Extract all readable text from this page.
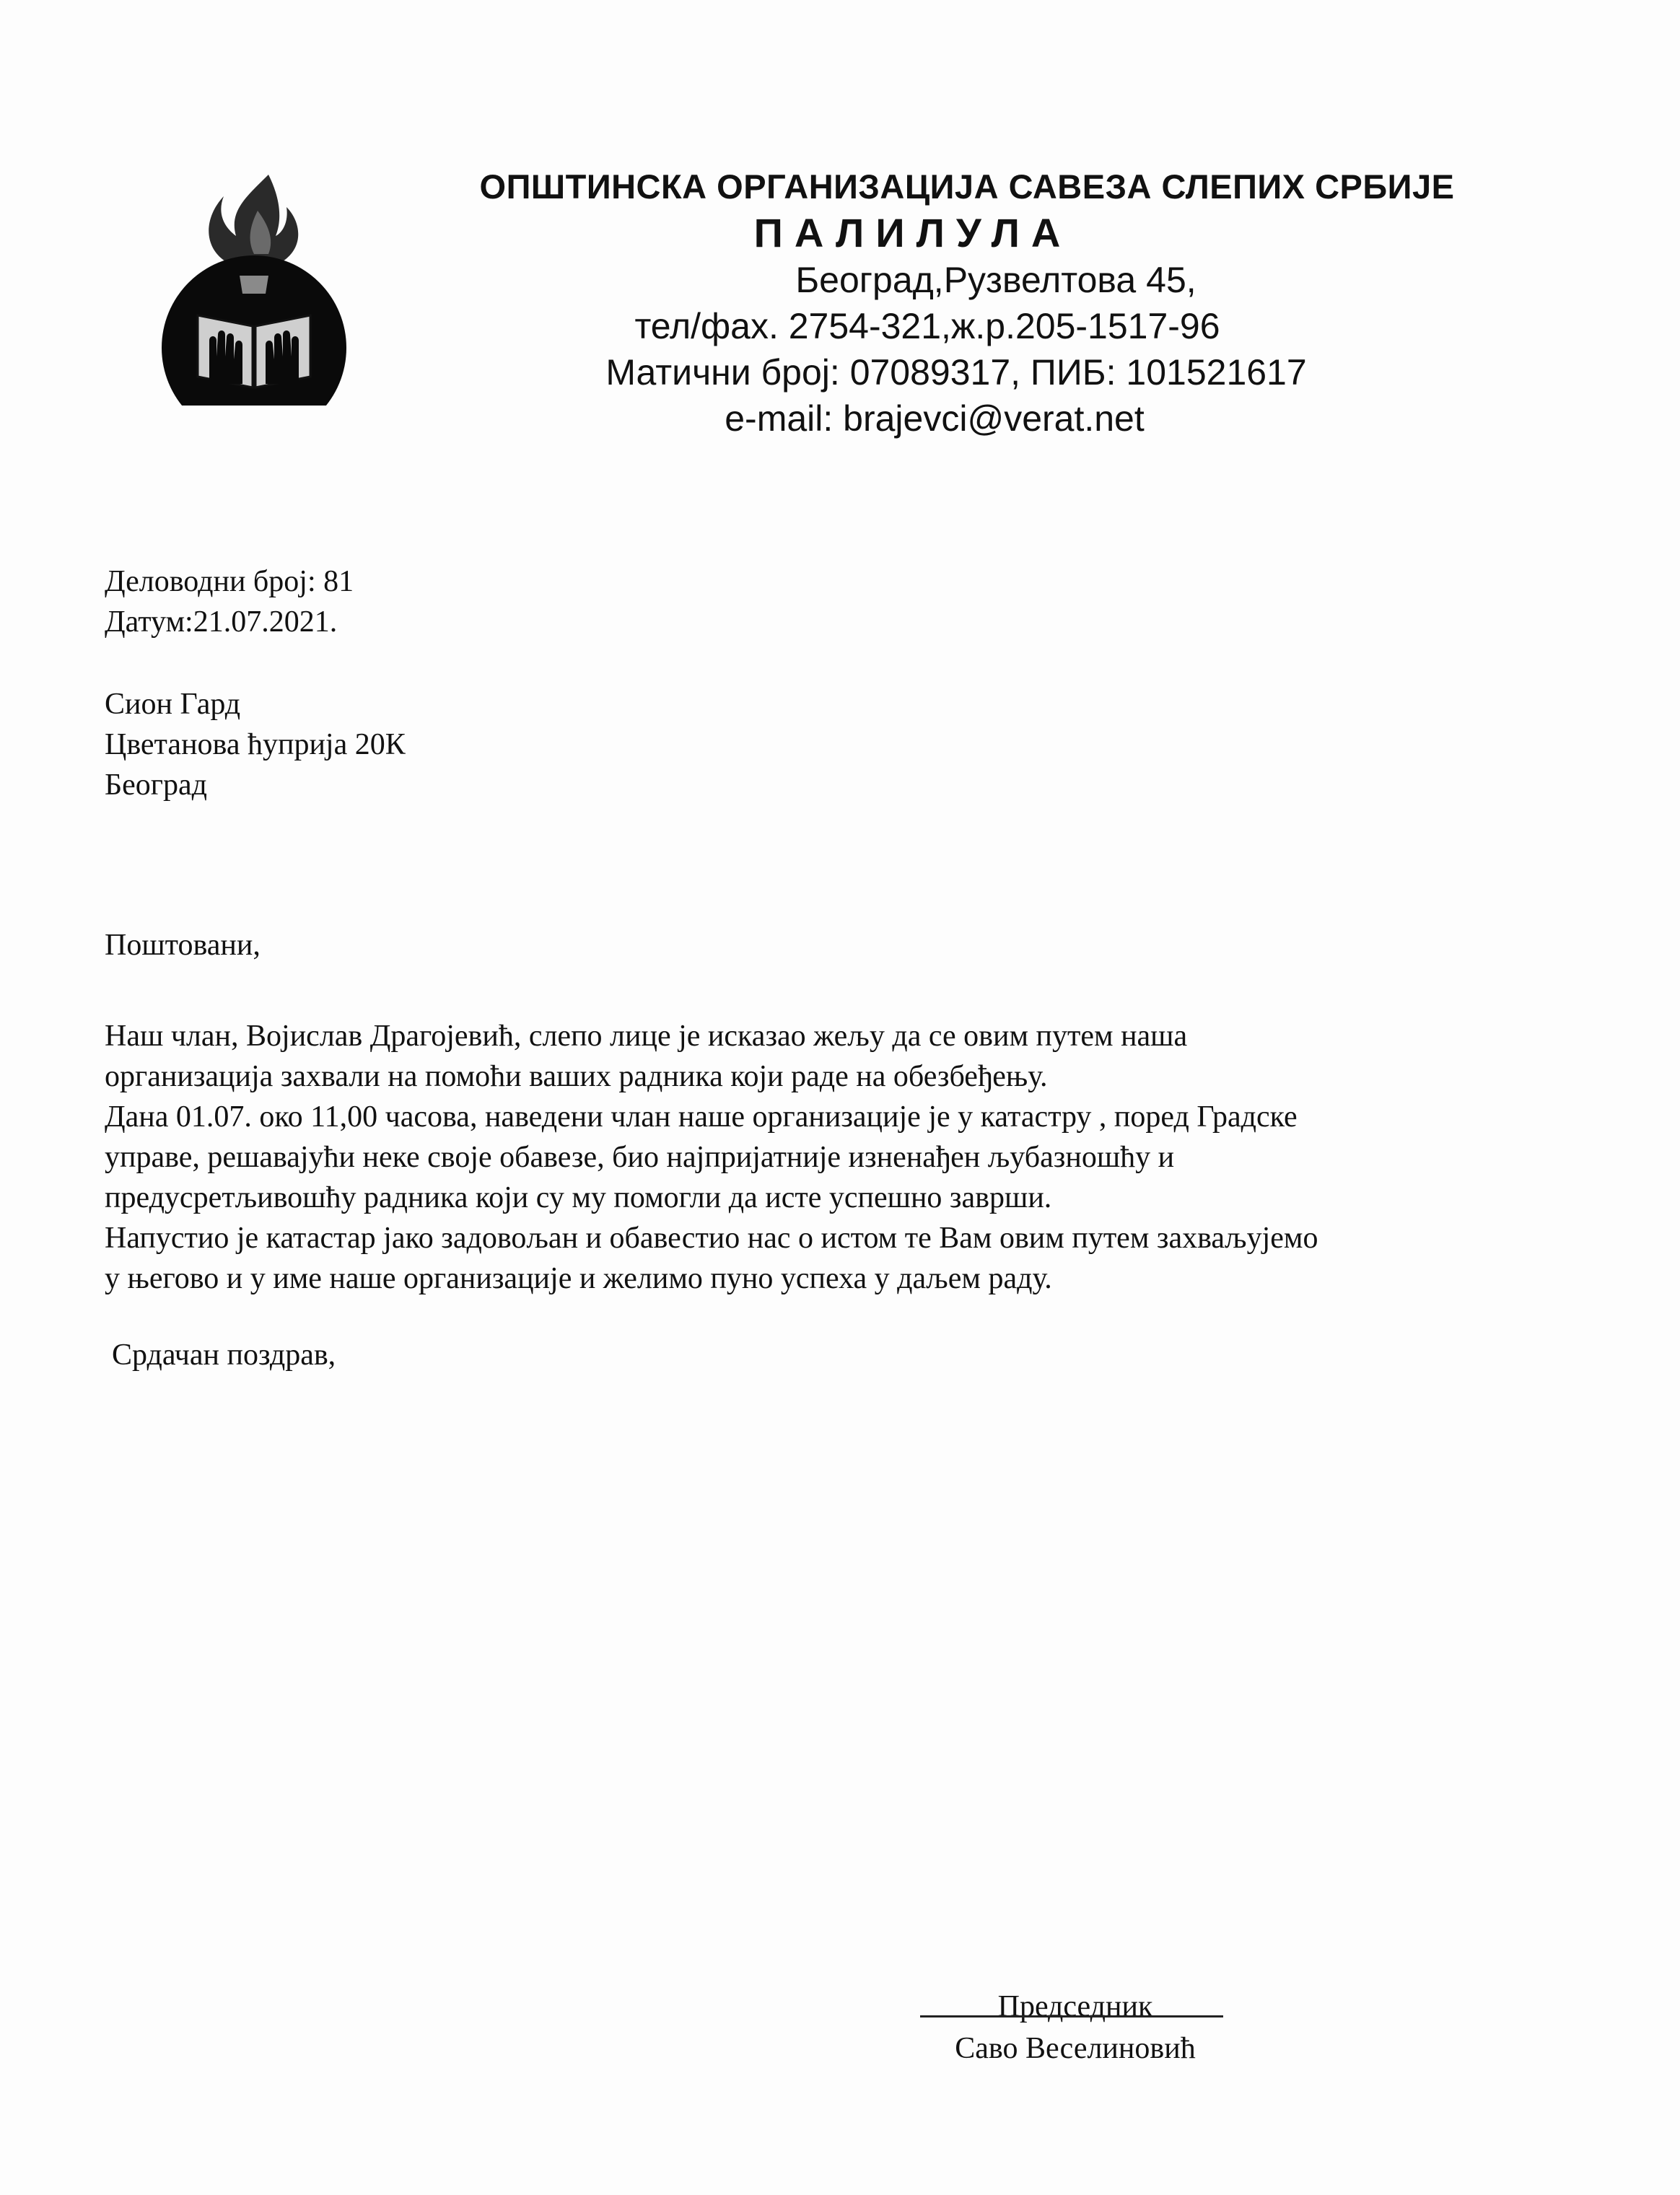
ОПШТИНСКА ОРГАНИЗАЦИЈА САВЕЗА СЛЕПИХ СРБИЈЕ
ПАЛИЛУЛА
Београд,Рузвелтова 45,
тел/фах. 2754-321,ж.р.205-1517-96
Матични број: 07089317, ПИБ: 101521617
e-mail: brajevci@verat.net
Деловодни број: 81
Датум:21.07.2021.
Сион Гард
Цветанова ћуприја 20К
Београд
Поштовани,
Наш члан, Војислав Драгојевић, слепо лице је исказао жељу да се овим путем наша
организација захвали на помоћи ваших радника који раде на обезбеђењу.
Дана 01.07. око 11,00 часова, наведени члан наше организације је у катастру , поред Градске
управе, решавајући неке своје обавезе, био најпријатније изненађен љубазношћу и
предусретљивошћу радника који су му помогли да исте успешно заврши.
Напустио је катастар јако задовољан и обавестио нас о истом те Вам овим путем захваљујемо
у његово и у име наше организације и желимо пуно успеха у даљем раду.
Срдачан поздрав,
Председник
Саво Веселиновић
